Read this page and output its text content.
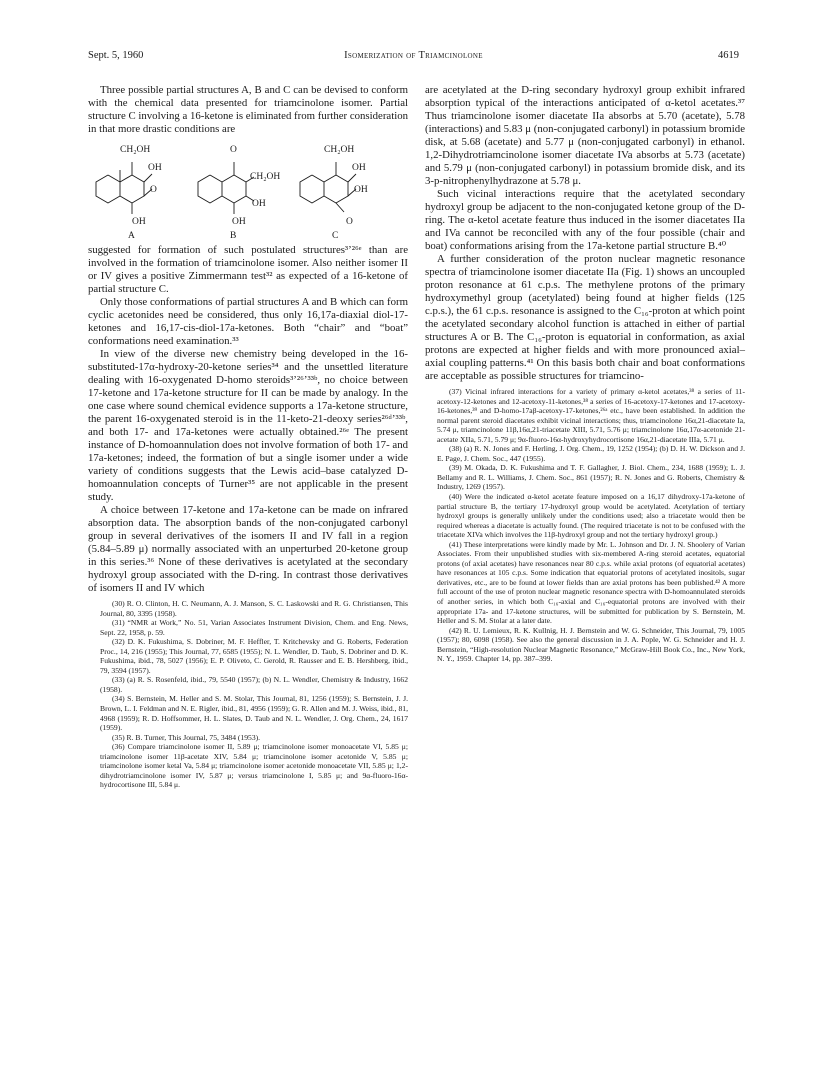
Sept. 5, 1960	Isomerization of Triamcinolone	4619

Three possible partial structures A, B and C can be devised to conform with the chemical data presented for triamcinolone isomer. Partial structure C involving a 16-ketone is eliminated from further consideration in that more drastic conditions are

CH₂OH
OH
O
OH
A
O
CH₂OH
OH
OH
B
CH₂OH
OH
OH
O
C

suggested for formation of such postulated structures³’²⁶ᵉ than are involved in the formation of triamcinolone isomer. Also neither isomer II or IV gives a positive Zimmermann test³² as expected of a 16-ketone of partial structure C.

Only those conformations of partial structures A and B which can form cyclic acetonides need be considered, thus only 16,17a-diaxial diol-17-ketones and 16,17-cis-diol-17a-ketones. Both “chair” and “boat” conformations need examination.³³

In view of the diverse new chemistry being developed in the 16-substituted-17α-hydroxy-20-ketone series³⁴ and the unsettled literature dealing with 16-oxygenated D-homo steroids³’²⁶’³³ᵇ, no choice between 17-ketone and 17a-ketone structure for II can be made by analogy. In the one case where sound chemical evidence supports a 17a-ketone structure, the parent 16-oxygenated steroid is in the 11-keto-21-deoxy series²⁶ᵈ’³³ᵇ, and both 17- and 17a-ketones were actually obtained.²⁶ᵉ The present instance of D-homoannulation does not involve formation of both 17- and 17a-ketones; indeed, the formation of but a single isomer under a wide variety of conditions suggests that the Lewis acid–base catalyzed D-homoannulation concepts of Turner³⁵ are not applicable in the present study.

A choice between 17-ketone and 17a-ketone can be made on infrared absorption data. The absorption bands of the non-conjugated carbonyl group in several derivatives of the isomers II and IV fall in a region (5.84–5.89 μ) normally associated with an unperturbed 20-ketone group in this series.³⁶ None of these derivatives is acetylated at the secondary hydroxyl group associated with the D-ring. In contrast those derivatives of isomers II and IV which

(30) R. O. Clinton, H. C. Neumann, A. J. Manson, S. C. Laskowski and R. G. Christiansen, This Journal, 80, 3395 (1958).

(31) “NMR at Work,” No. 51, Varian Associates Instrument Division, Chem. and Eng. News, Sept. 22, 1958, p. 59.

(32) D. K. Fukushima, S. Dobriner, M. F. Heffler, T. Kritchevsky and G. Roberts, Federation Proc., 14, 216 (1955); This Journal, 77, 6585 (1955); N. L. Wendler, D. Taub, S. Dobriner and D. K. Fukushima, ibid., 78, 5027 (1956); E. P. Oliveto, C. Gerold, R. Rausser and E. B. Hershberg, ibid., 79, 3594 (1957).

(33) (a) R. S. Rosenfeld, ibid., 79, 5540 (1957); (b) N. L. Wendler, Chemistry & Industry, 1662 (1958).

(34) S. Bernstein, M. Heller and S. M. Stolar, This Journal, 81, 1256 (1959); S. Bernstein, J. J. Brown, L. I. Feldman and N. E. Rigler, ibid., 81, 4956 (1959); G. R. Allen and M. J. Weiss, ibid., 81, 4968 (1959); R. D. Hoffsommer, H. L. Slates, D. Taub and N. L. Wendler, J. Org. Chem., 24, 1617 (1959).

(35) R. B. Turner, This Journal, 75, 3484 (1953).

(36) Compare triamcinolone isomer II, 5.89 μ; triamcinolone isomer monoacetate VI, 5.85 μ; triamcinolone isomer 11β-acetate XIV, 5.84 μ; triamcinolone isomer acetonide V, 5.85 μ; triamcinolone isomer ketal Va, 5.84 μ; triamcinolone isomer acetonide monoacetate VII, 5.85 μ; 1,2-dihydrotriamcinolone isomer IV, 5.87 μ; versus triamcinolone I, 5.85 μ; and 9α-fluoro-16α-hydrocortisone III, 5.84 μ.

are acetylated at the D-ring secondary hydroxyl group exhibit infrared absorption typical of the interactions anticipated of α-ketol acetates.³⁷ Thus triamcinolone isomer diacetate IIa absorbs at 5.70 (acetate), 5.78 (interactions) and 5.83 μ (non-conjugated carbonyl) in potassium bromide disk, at 5.68 (acetate) and 5.77 μ (non-conjugated carbonyl) in ethanol. 1,2-Dihydrotriamcinolone isomer diacetate IVa absorbs at 5.73 (acetate) and 5.79 μ (non-conjugated carbonyl) in potassium bromide disk, and its 3-p-nitrophenylhydrazone at 5.78 μ.

Such vicinal interactions require that the acetylated secondary hydroxyl group be adjacent to the non-conjugated ketone group of the D-ring. The α-ketol acetate feature thus induced in the isomer diacetates IIa and IVa cannot be reconciled with any of the four possible (chair and boat) conformations arising from the 17a-ketone partial structure B.⁴⁰

A further consideration of the proton nuclear magnetic resonance spectra of triamcinolone isomer diacetate IIa (Fig. 1) shows an uncoupled proton resonance at 61 c.p.s. The methylene protons of the primary hydroxymethyl group (acetylated) being found at higher fields (125 c.p.s.), the 61 c.p.s. resonance is assigned to the C₁₆-proton at which point the acetylated secondary alcohol function is attached in either of partial structures A or B. The C₁₆-proton is equatorial in conformation, as axial protons are expected at higher fields and with more pronounced axial–axial coupling patterns.⁴¹ On this basis both chair and boat conformations are acceptable as possible structures for triamcino-

(37) Vicinal infrared interactions for a variety of primary α-ketol acetates,³⁸ a series of 11-acetoxy-12-ketones and 12-acetoxy-11-ketones,³⁸ a series of 16-acetoxy-17-ketones and 17-acetoxy-16-ketones,³⁹ and D-homo-17aβ-acetoxy-17-ketones,²⁶ᵃ etc., have been established. In addition the normal parent steroid diacetates exhibit vicinal interactions; thus, triamcinolone 16α,21-diacetate Ia, 5.74 μ, triamcinolone 11β,16α,21-triacetate XIII, 5.71, 5.76 μ; triamcinolone 16α,17α-acetonide 21-acetate XIIa, 5.71, 5.79 μ; 9α-fluoro-16α-hydroxyhydrocortisone 16α,21-diacetate IIIa, 5.71 μ.

(38) (a) R. N. Jones and F. Herling, J. Org. Chem., 19, 1252 (1954); (b) D. H. W. Dickson and J. E. Page, J. Chem. Soc., 447 (1955).

(39) M. Okada, D. K. Fukushima and T. F. Gallagher, J. Biol. Chem., 234, 1688 (1959); L. J. Bellamy and R. L. Williams, J. Chem. Soc., 861 (1957); R. N. Jones and G. Roberts, Chemistry & Industry, 1269 (1957).

(40) Were the indicated α-ketol acetate feature imposed on a 16,17 dihydroxy-17a-ketone of partial structure B, the tertiary 17-hydroxyl group would be acetylated. Acetylation of tertiary hydroxyl groups is generally unlikely under the conditions used; also a triacetate would then be required whereas a diacetate is actually found. (The required triacetate is not to be confused with the triacetate XIVa which involves the 11β-hydroxyl group and not the tertiary hydroxyl group.)

(41) These interpretations were kindly made by Mr. L. Johnson and Dr. J. N. Shoolery of Varian Associates. From their unpublished studies with six-membered A-ring steroid acetates, equatorial protons (of axial acetates) have resonances near 80 c.p.s. while axial protons (of equatorial acetates) have resonances at 105 c.p.s. Some indication that equatorial protons of acetylated inositols, sugar derivatives, etc., are to be found at lower fields than are axial protons has been published.⁴² A more full account of the use of proton nuclear magnetic resonance spectra with D-homoannulated steroids of another series, in which both C₁₆-axial and C₁₆-equatorial protons are involved with their appropriate 17a- and 17-ketone structures, will be submitted for publication by S. Bernstein, M. Heller and S. M. Stolar at a later date.

(42) R. U. Lemieux, R. K. Kullnig, H. J. Bernstein and W. G. Schneider, This Journal, 79, 1005 (1957); 80, 6098 (1958). See also the general discussion in J. A. Pople, W. G. Schneider and H. J. Bernstein, “High-resolution Nuclear Magnetic Resonance,” McGraw-Hill Book Co., Inc., New York, N. Y., 1959. Chapter 14, pp. 387–399.
